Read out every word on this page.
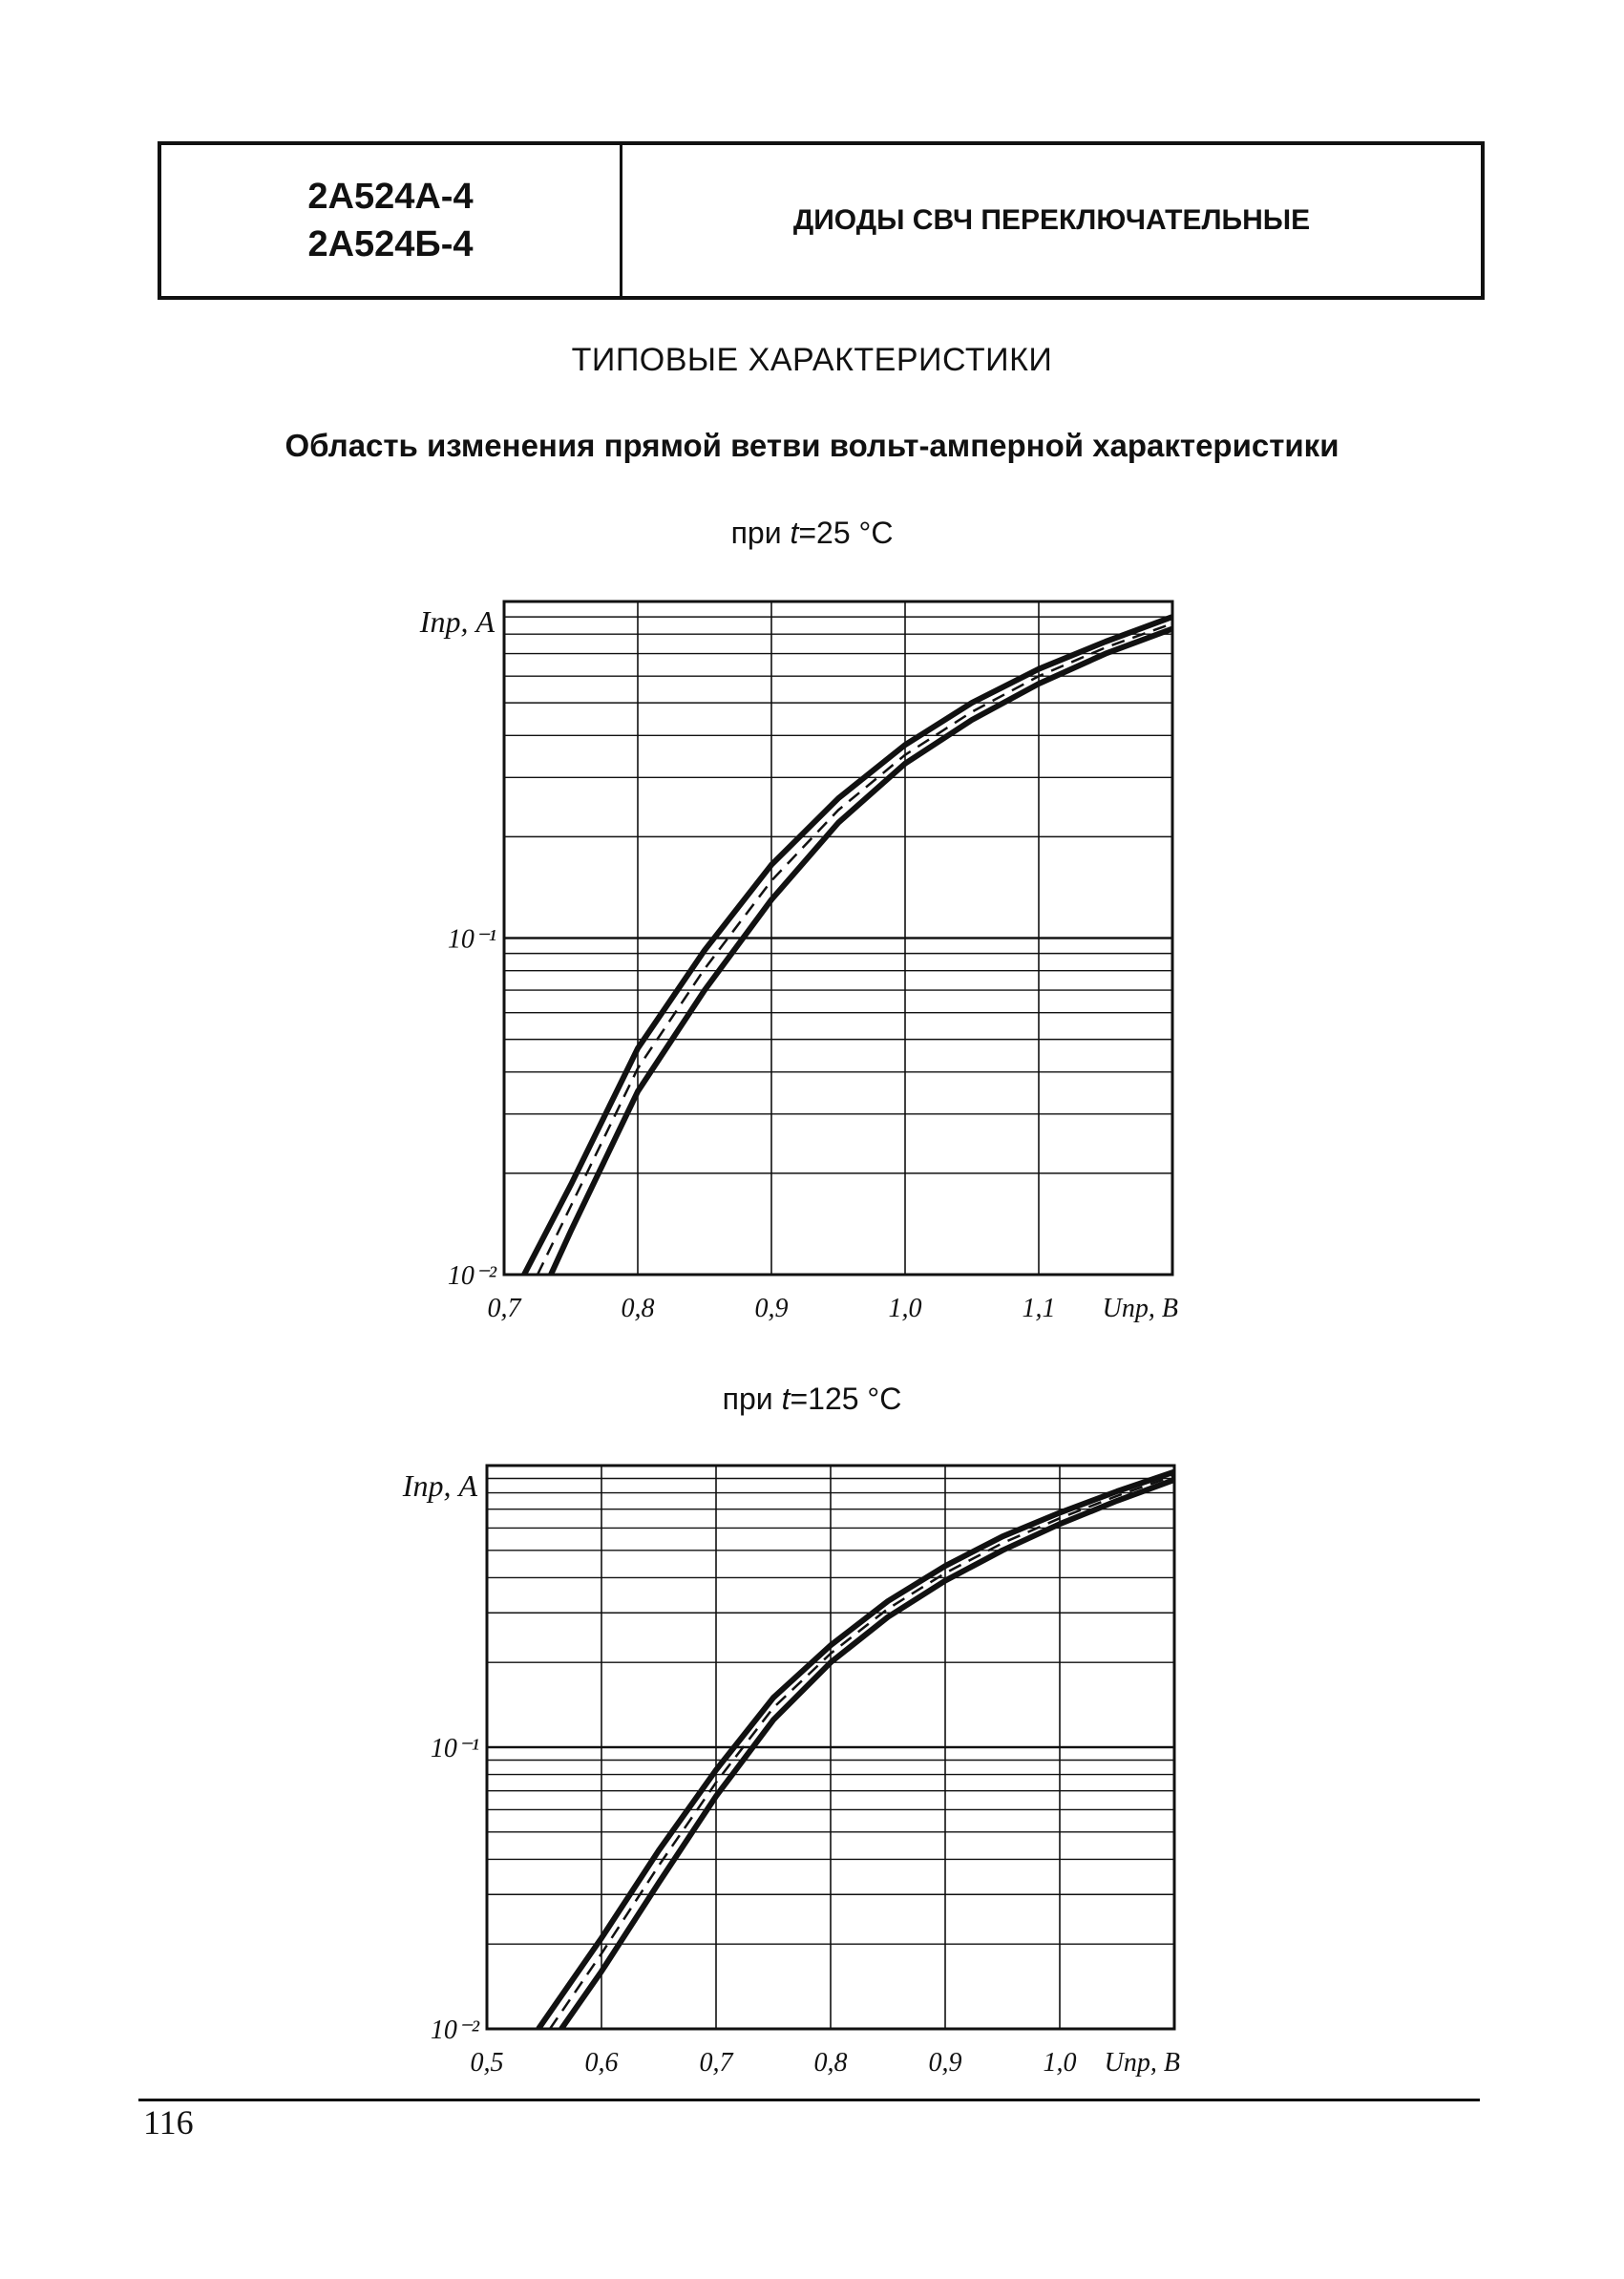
2А524А-4
2А524Б-4
ДИОДЫ СВЧ ПЕРЕКЛЮЧАТЕЛЬНЫЕ
ТИПОВЫЕ ХАРАКТЕРИСТИКИ
Область изменения прямой ветви вольт-амперной характеристики
при t=25 °C
0,7	0,8	0,9	1,0	1,1 Uпр, В
10⁻¹
10⁻²
Iпр, А
при t=125 °C
0,5	0,6	0,7	0,8	0,9	1,0 Uпр, В
10⁻¹
10⁻²
Iпр, А
116
